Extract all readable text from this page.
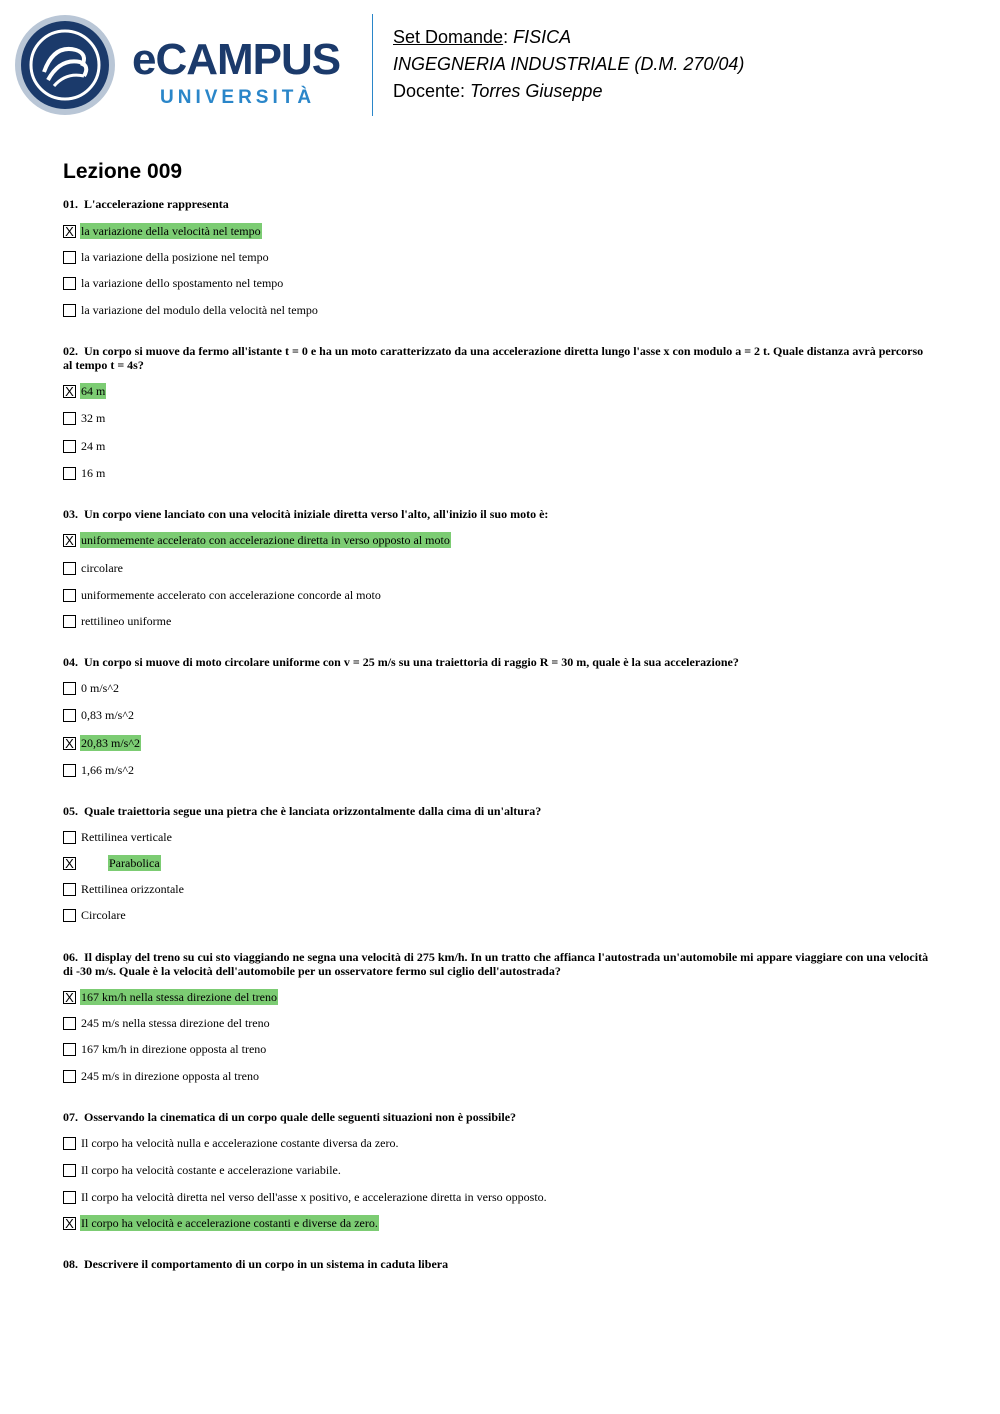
eCAMPUS
UNIVERSITÀ
Set Domande: FISICA
INGEGNERIA INDUSTRIALE (D.M. 270/04)
Docente: Torres Giuseppe
Lezione 009
01. L'accelerazione rappresenta
X la variazione della velocità nel tempo
la variazione della posizione nel tempo
la variazione dello spostamento nel tempo
la variazione del modulo della velocità nel tempo
02. Un corpo si muove da fermo all'istante t = 0 e ha un moto caratterizzato da una accelerazione diretta lungo l'asse x con modulo a = 2 t. Quale distanza avrà percorso al tempo t = 4s?
X 64 m
32 m
24 m
16 m
03. Un corpo viene lanciato con una velocità iniziale diretta verso l'alto, all'inizio il suo moto è:
X uniformemente accelerato con accelerazione diretta in verso opposto al moto
circolare
uniformemente accelerato con accelerazione concorde al moto
rettilineo uniforme
04. Un corpo si muove di moto circolare uniforme con v = 25 m/s su una traiettoria di raggio R = 30 m, quale è la sua accelerazione?
0 m/s^2
0,83 m/s^2
X 20,83 m/s^2
1,66 m/s^2
05. Quale traiettoria segue una pietra che è lanciata orizzontalmente dalla cima di un'altura?
Rettilinea verticale
X	Parabolica
Rettilinea orizzontale
Circolare
06. Il display del treno su cui sto viaggiando ne segna una velocità di 275 km/h. In un tratto che affianca l'autostrada un'automobile mi appare viaggiare con una velocità di -30 m/s. Quale è la velocità dell'automobile per un osservatore fermo sul ciglio dell'autostrada?
X 167 km/h nella stessa direzione del treno
245 m/s nella stessa direzione del treno
167 km/h in direzione opposta al treno
245 m/s in direzione opposta al treno
07. Osservando la cinematica di un corpo quale delle seguenti situazioni non è possibile?
Il corpo ha velocità nulla e accelerazione costante diversa da zero.
Il corpo ha velocità costante e accelerazione variabile.
Il corpo ha velocità diretta nel verso dell'asse x positivo, e accelerazione diretta in verso opposto.
X Il corpo ha velocità e accelerazione costanti e diverse da zero.
08. Descrivere il comportamento di un corpo in un sistema in caduta libera
